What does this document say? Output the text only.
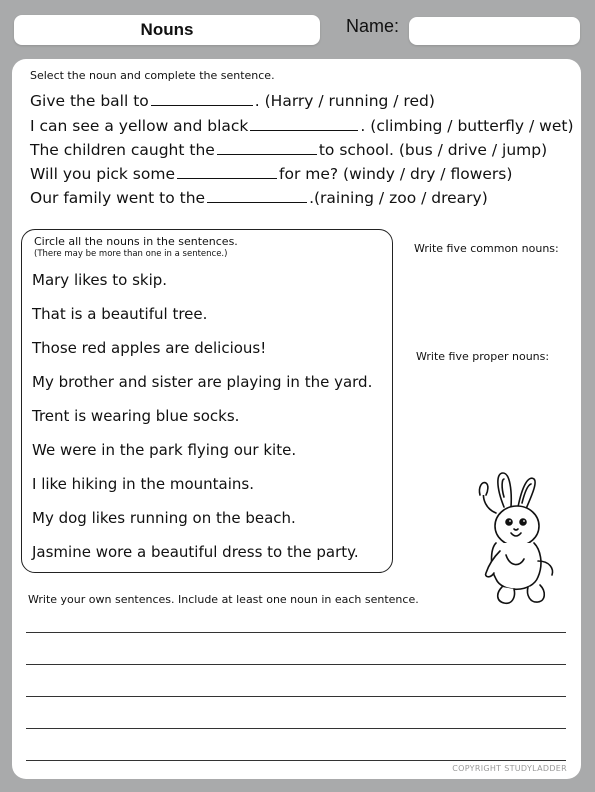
Nouns	Name:
Select the noun and complete the sentence.
Give the ball to	. (Harry / running / red)
I can see a yellow and black	. (climbing / butterfly / wet)
The children caught the	to school. (bus / drive / jump)
Will you pick some	for me? (windy / dry / flowers)
Our family went to the	.(raining / zoo / dreary)
Circle all the nouns in the sentences.
(There may be more than one in a sentence.)
Mary likes to skip.
That is a beautiful tree.
Those red apples are delicious!
My brother and sister are playing in the yard.
Trent is wearing blue socks.
We were in the park flying our kite.
I like hiking in the mountains.
My dog likes running on the beach.
Jasmine wore a beautiful dress to the party.
Write five common nouns:
Write five proper nouns:
Write your own sentences. Include at least one noun in each sentence.
COPYRIGHT STUDYLADDER
